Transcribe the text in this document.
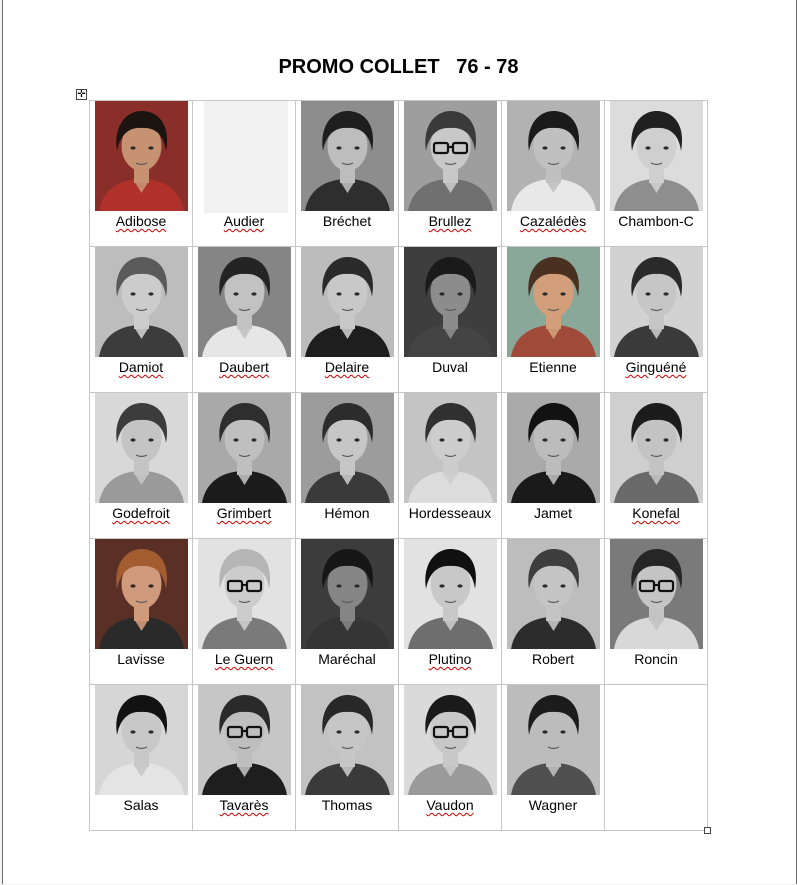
PROMO COLLET   76 - 78
✛
Adibose	Audier	Bréchet	Brullez	Cazalédès	Chambon-C

Damiot	Daubert	Delaire	Duval	Etienne	Ginguéné

Godefroit	Grimbert	Hémon	Hordesseaux	Jamet	Konefal

Lavisse	Le Guern	Maréchal	Plutino	Robert	Roncin

Salas	Tavarès	Thomas	Vaudon	Wagner	
